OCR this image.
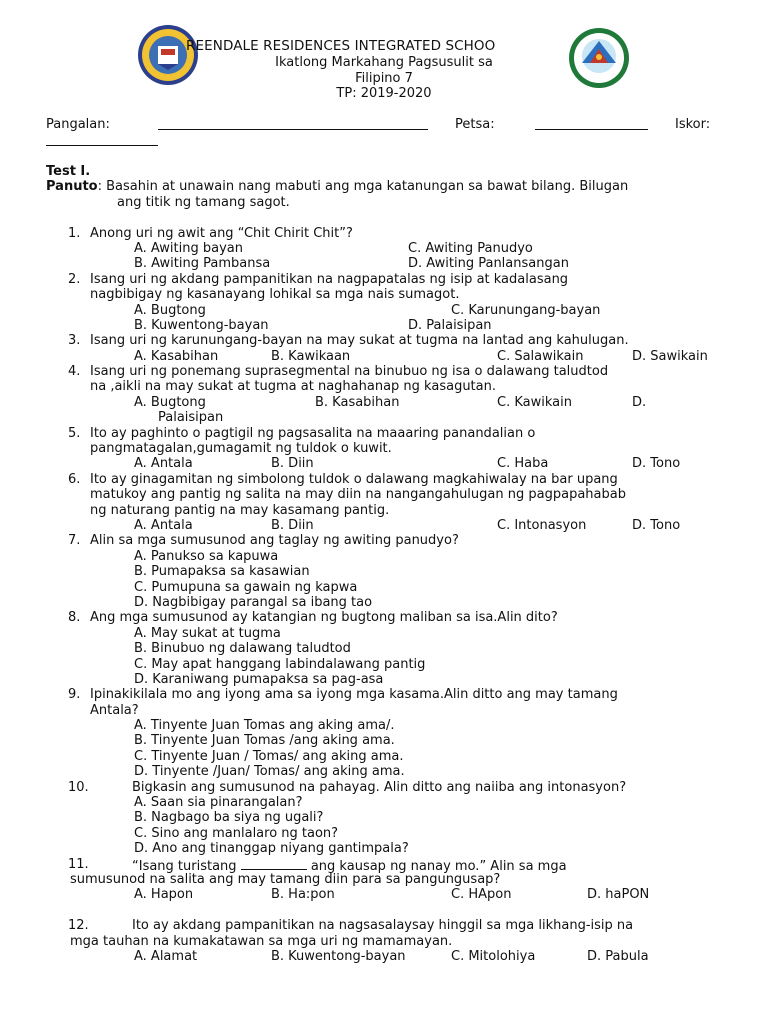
REENDALE RESIDENCES INTEGRATED SCHOO
Ikatlong Markahang Pagsusulit sa
Filipino 7
TP: 2019-2020
Pangalan:	Petsa:	Iskor:
Test I.
Panuto: Basahin at unawain nang mabuti ang mga katanungan sa bawat bilang. Bilugan
ang titik ng tamang sagot.
1. Anong uri ng awit ang “Chit Chirit Chit”?
A. Awiting bayan	C. Awiting Panudyo
B. Awiting Pambansa	D. Awiting Panlansangan
2. Isang uri ng akdang pampanitikan na nagpapatalas ng isip at kadalasang
nagbibigay ng kasanayang lohikal sa mga nais sumagot.
A. Bugtong	C. Karunungang-bayan
B. Kuwentong-bayan	D. Palaisipan
3. Isang uri ng karunungang-bayan na may sukat at tugma na lantad ang kahulugan.
A. Kasabihan	B. Kawikaan	C. Salawikain	D. Sawikain
4. Isang uri ng ponemang suprasegmental na binubuo ng isa o dalawang taludtod
na ,aikli na may sukat at tugma at naghahanap ng kasagutan.
A. Bugtong	B. Kasabihan	C. Kawikain	D.
Palaisipan
5. Ito ay paghinto o pagtigil ng pagsasalita na maaaring panandalian o
pangmatagalan,gumagamit ng tuldok o kuwit.
A. Antala	B. Diin	C. Haba	D. Tono
6. Ito ay ginagamitan ng simbolong tuldok o dalawang magkahiwalay na bar upang
matukoy ang pantig ng salita na may diin na nangangahulugan ng pagpapahabab
ng naturang pantig na may kasamang pantig.
A. Antala	B. Diin	C. Intonasyon	D. Tono
7. Alin sa mga sumusunod ang taglay ng awiting panudyo?
A. Panukso sa kapuwa
B. Pumapaksa sa kasawian
C. Pumupuna sa gawain ng kapwa
D. Nagbibigay parangal sa ibang tao
8. Ang mga sumusunod ay katangian ng bugtong maliban sa isa.Alin dito?
A. May sukat at tugma
B. Binubuo ng dalawang taludtod
C. May apat hanggang labindalawang pantig
D. Karaniwang pumapaksa sa pag-asa
9. Ipinakikilala mo ang iyong ama sa iyong mga kasama.Alin ditto ang may tamang
Antala?
A. Tinyente Juan Tomas ang aking ama/.
B. Tinyente Juan Tomas /ang aking ama.
C. Tinyente Juan / Tomas/ ang aking ama.
D. Tinyente /Juan/ Tomas/ ang aking ama.
10.	Bigkasin ang sumusunod na pahayag. Alin ditto ang naiiba ang intonasyon?
A. Saan sia pinarangalan?
B. Nagbago ba siya ng ugali?
C. Sino ang manlalaro ng taon?
D. Ano ang tinanggap niyang gantimpala?
11.	“Isang turistang	ang kausap ng nanay mo.” Alin sa mga
sumusunod na salita ang may tamang diin para sa pangungusap?
A. Hapon	B. Ha:pon	C. HApon	D. haPON
12.	Ito ay akdang pampanitikan na nagsasalaysay hinggil sa mga likhang-isip na
mga tauhan na kumakatawan sa mga uri ng mamamayan.
A. Alamat	B. Kuwentong-bayan	C. Mitolohiya	D. Pabula
